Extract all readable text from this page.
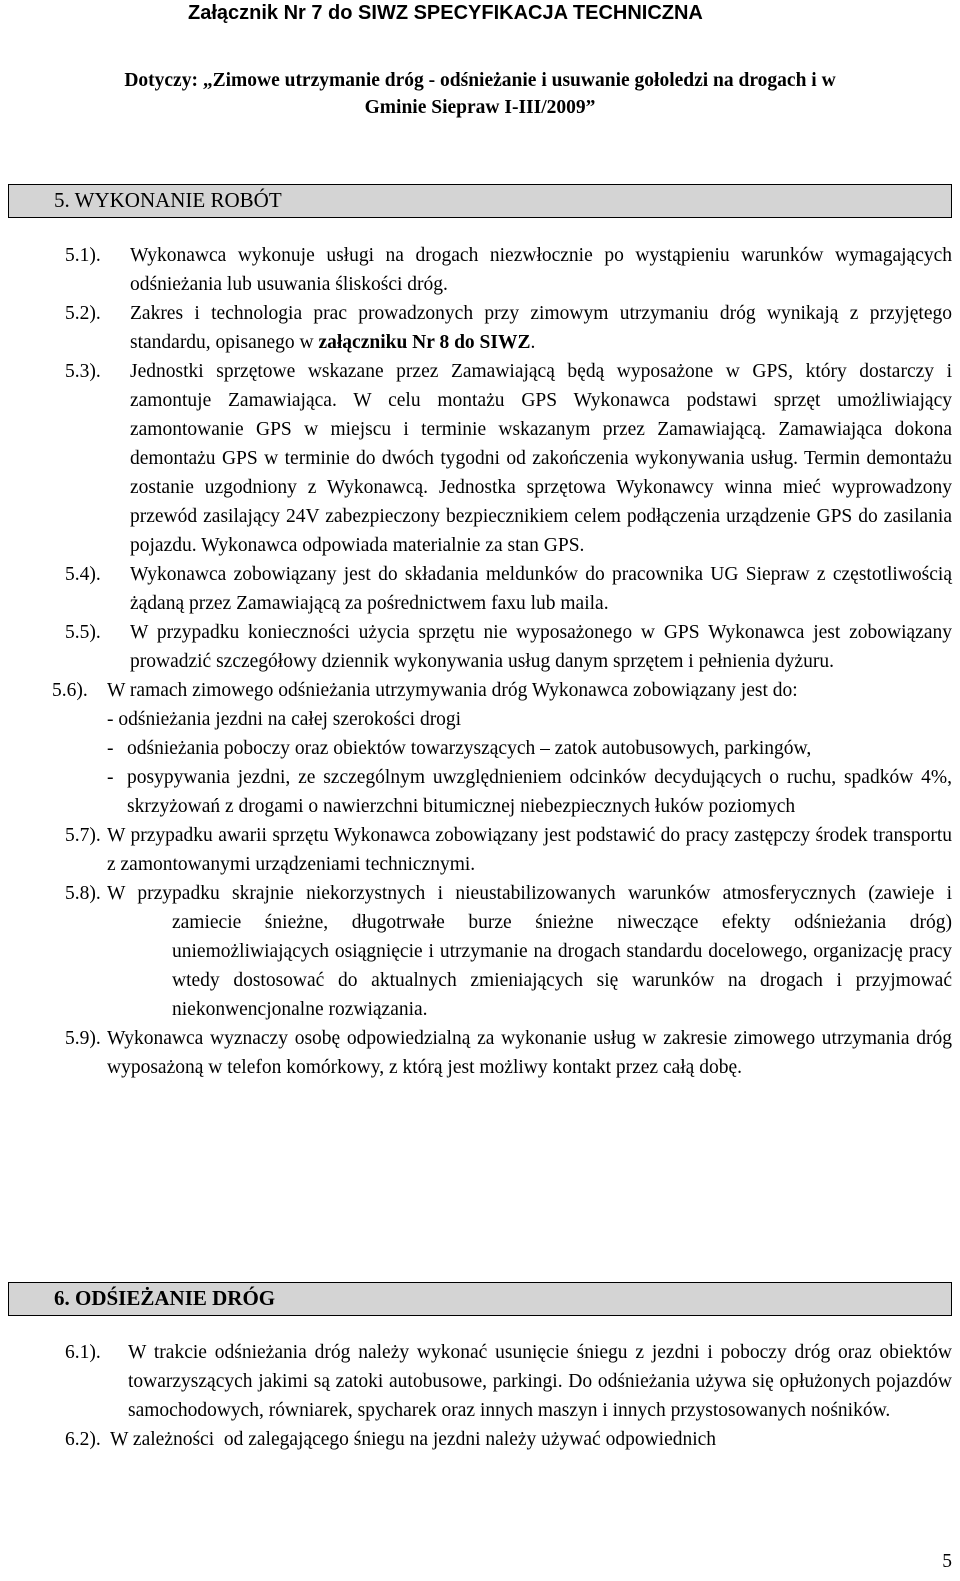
Załącznik Nr 7 do SIWZ SPECYFIKACJA TECHNICZNA
Dotyczy: „Zimowe utrzymanie dróg - odśnieżanie i usuwanie gołoledzi na drogach i w
Gminie Siepraw I-III/2009”
5. WYKONANIE ROBÓT
5.1).	Wykonawca wykonuje usługi na drogach niezwłocznie po wystąpieniu warunków wymagających odśnieżania lub usuwania śliskości dróg.
5.2).	Zakres i technologia prac prowadzonych przy zimowym utrzymaniu dróg wynikają z przyjętego standardu, opisanego w załączniku Nr 8 do SIWZ.
5.3).	Jednostki sprzętowe wskazane przez Zamawiającą będą wyposażone w GPS, który dostarczy i zamontuje Zamawiająca. W celu montażu GPS Wykonawca podstawi sprzęt umożliwiający zamontowanie GPS w miejscu i terminie wskazanym przez Zamawiającą. Zamawiająca dokona demontażu GPS w terminie do dwóch tygodni od zakończenia wykonywania usług. Termin demontażu zostanie uzgodniony z Wykonawcą. Jednostka sprzętowa Wykonawcy winna mieć wyprowadzony przewód zasilający 24V zabezpieczony bezpiecznikiem celem podłączenia urządzenie GPS do zasilania pojazdu. Wykonawca odpowiada materialnie za stan GPS.
5.4).	Wykonawca zobowiązany jest do składania meldunków do pracownika UG Siepraw z częstotliwością żądaną przez Zamawiającą za pośrednictwem faxu lub maila.
5.5).	W przypadku konieczności użycia sprzętu nie wyposażonego w GPS Wykonawca jest zobowiązany prowadzić szczegółowy dziennik wykonywania usług danym sprzętem i pełnienia dyżuru.
5.6). W ramach zimowego odśnieżania utrzymywania dróg Wykonawca zobowiązany jest do:
- odśnieżania jezdni na całej szerokości drogi
- odśnieżania poboczy oraz obiektów towarzyszących – zatok autobusowych, parkingów,
- posypywania jezdni, ze szczególnym uwzględnieniem odcinków decydujących o ruchu, spadków 4%, skrzyżowań z drogami o nawierzchni bitumicznej niebezpiecznych łuków poziomych
5.7). W przypadku awarii sprzętu Wykonawca zobowiązany jest podstawić do pracy zastępczy środek transportu z zamontowanymi urządzeniami technicznymi.
5.8). W przypadku skrajnie niekorzystnych i nieustabilizowanych warunków atmosferycznych (zawieje i zamiecie śnieżne, długotrwałe burze śnieżne niweczące efekty odśnieżania dróg) uniemożliwiających osiągnięcie i utrzymanie na drogach standardu docelowego, organizację pracy wtedy dostosować do aktualnych zmieniających się warunków na drogach i przyjmować niekonwencjonalne rozwiązania.
5.9). Wykonawca wyznaczy osobę odpowiedzialną za wykonanie usług w zakresie zimowego utrzymania dróg wyposażoną w telefon komórkowy, z którą jest możliwy kontakt przez całą dobę.
6. ODŚIEŻANIE DRÓG
6.1).	W trakcie odśnieżania dróg należy wykonać usunięcie śniegu z jezdni i poboczy dróg oraz obiektów towarzyszących jakimi są zatoki autobusowe, parkingi. Do odśnieżania używa się opłużonych pojazdów samochodowych, równiarek, spycharek oraz innych maszyn i innych przystosowanych nośników.
6.2). W zależności  od zalegającego śniegu na jezdni należy używać odpowiednich
5
